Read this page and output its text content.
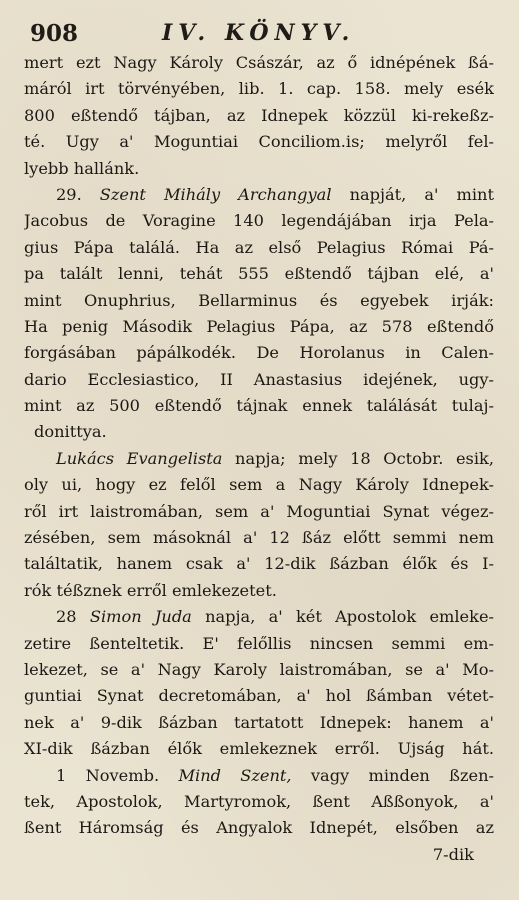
908	IV. KÖNYV.
mert ezt Nagy Károly Császár, az ő idnépének ßá-
máról irt törvényében, lib. 1. cap. 158. mely esék
800 eßtendő tájban, az Idnepek közzül ki-rekeßz-
té. Ugy a' Moguntiai Conciliom.is; melyről fel-
lyebb hallánk.
29. Szent Mihály Archangyal napját, a' mint
Jacobus de Voragine 140 legendájában irja Pela-
gius Pápa találá. Ha az első Pelagius Római Pá-
pa talált lenni, tehát 555 eßtendő tájban elé, a'
mint Onuphrius, Bellarminus és egyebek irják:
Ha penig Második Pelagius Pápa, az 578 eßtendő
forgásában pápálkodék. De Horolanus in Calen-
dario Ecclesiastico, II Anastasius idejének, ugy-
mint az 500 eßtendő tájnak ennek találását tulaj-
donittya.
Lukács Evangelista napja; mely 18 Octobr. esik,
oly ui, hogy ez felől sem a Nagy Károly Idnepek-
ről irt laistromában, sem a' Moguntiai Synat végez-
zésében, sem másoknál a' 12 ßáz előtt semmi nem
találtatik, hanem csak a' 12-dik ßázban élők és I-
rók téßznek erről emlekezetet.
28 Simon Juda napja, a' két Apostolok emleke-
zetire ßenteltetik. E' felőllis nincsen semmi em-
lekezet, se a' Nagy Karoly laistromában, se a' Mo-
guntiai Synat decretomában, a' hol ßámban vétet-
nek a' 9-dik ßázban tartatott Idnepek: hanem a'
XI-dik ßázban élők emlekeznek erről. Ujság hát.
1 Novemb. Mind Szent, vagy minden ßzen-
tek, Apostolok, Martyromok, ßent Aßßonyok, a'
ßent Háromság és Angyalok Idnepét, elsőben az
7-dik
